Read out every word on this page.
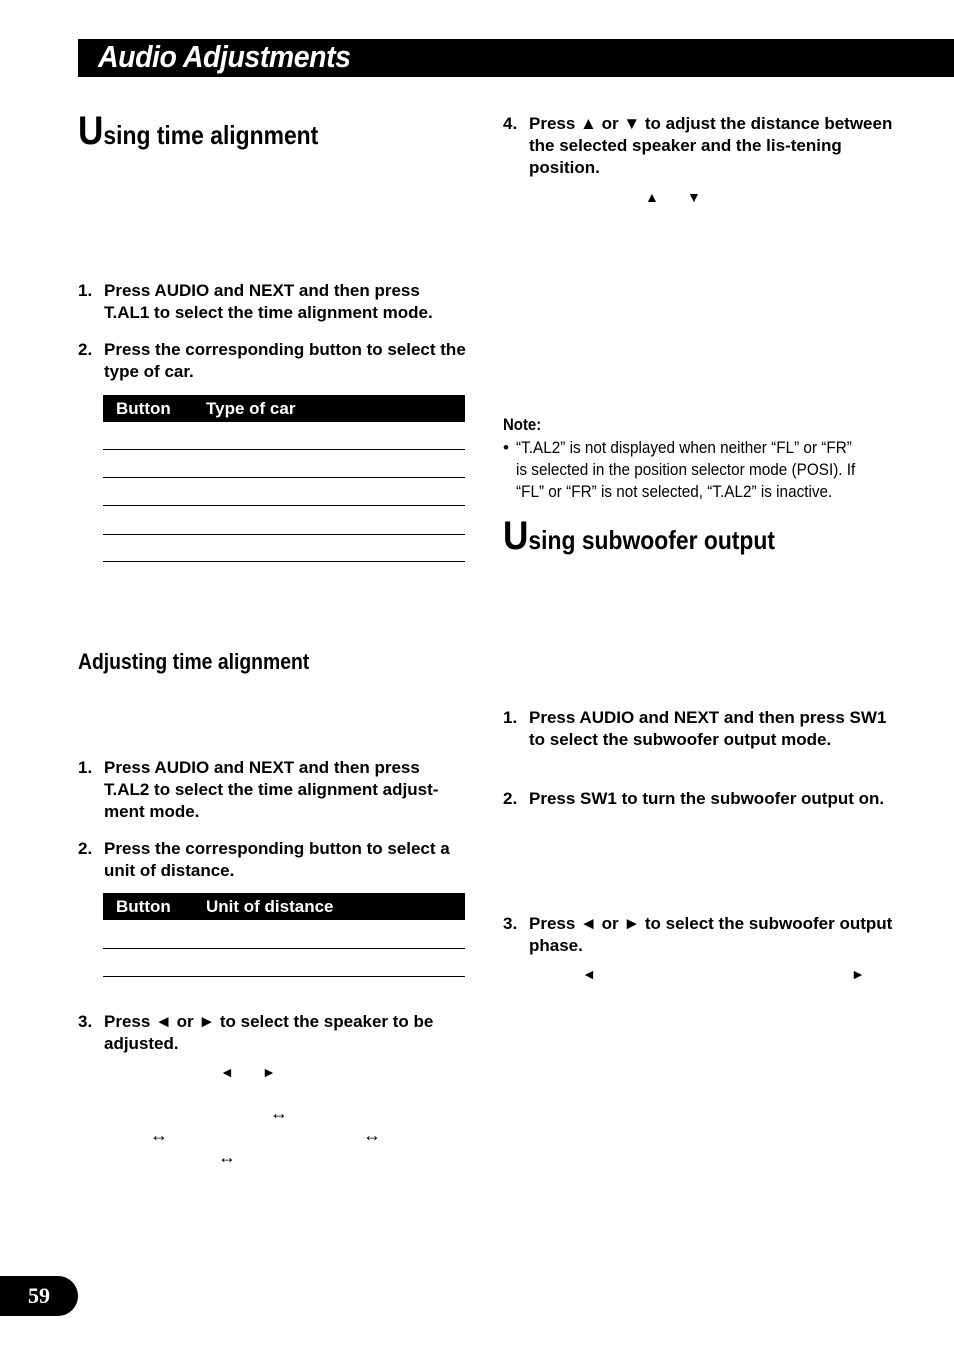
Audio Adjustments
Using time alignment
1. Press AUDIO and NEXT and then press T.AL1 to select the time alignment mode.
2. Press the corresponding button to select the type of car.
Button Type of car
Adjusting time alignment
1. Press AUDIO and NEXT and then press T.AL2 to select the time alignment adjust-ment mode.
2. Press the corresponding button to select a unit of distance.
Button Unit of distance
3. Press ◄ or ► to select the speaker to be adjusted.
◄ ►
↔
↔	↔
↔
4. Press ▲ or ▼ to adjust the distance between the selected speaker and the lis-tening position.
▲ ▼
Note:
• “T.AL2” is not displayed when neither “FL” or “FR” is selected in the position selector mode (POSI). If “FL” or “FR” is not selected, “T.AL2” is inactive.
Using subwoofer output
1. Press AUDIO and NEXT and then press SW1 to select the subwoofer output mode.
2. Press SW1 to turn the subwoofer output on.
3. Press ◄ or ► to select the subwoofer output phase.
◄	►
59
